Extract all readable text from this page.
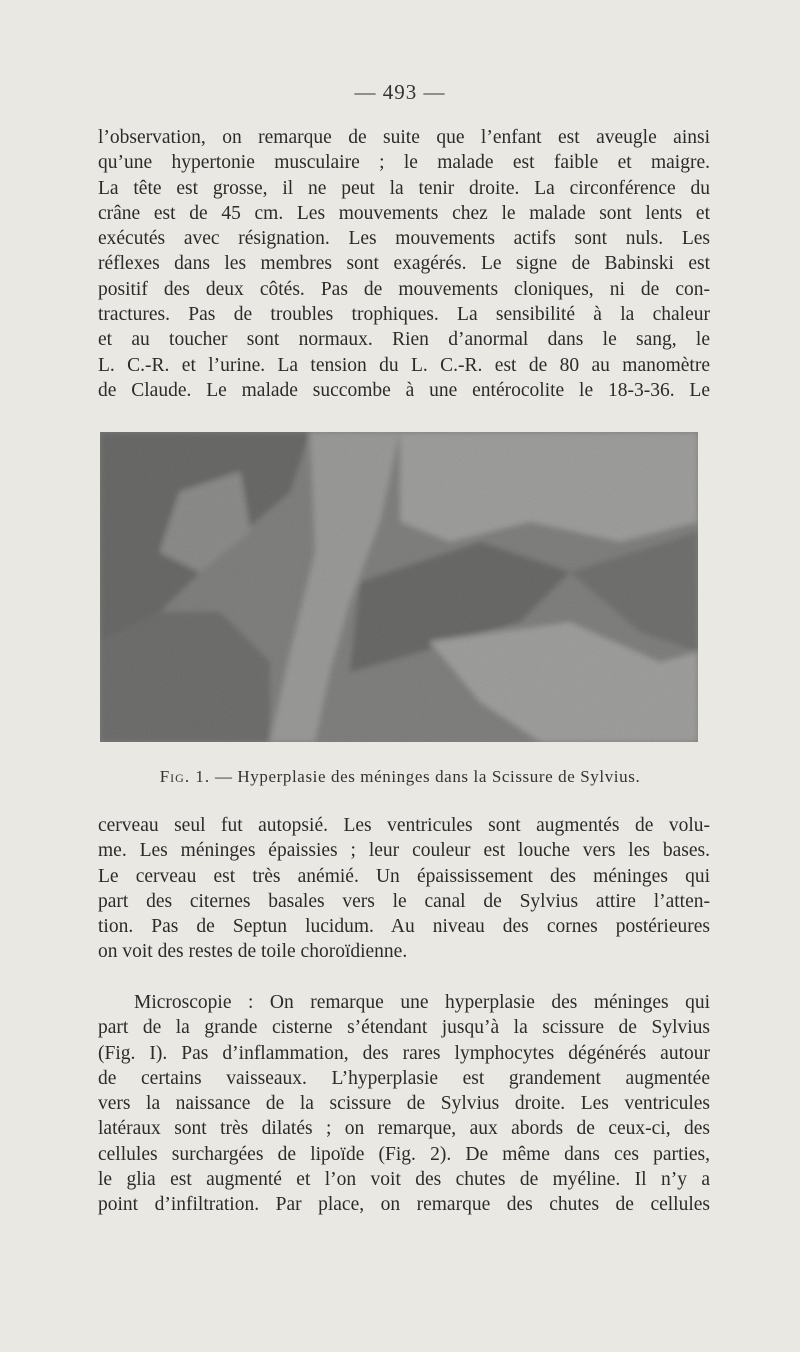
— 493 —
l’observation, on remarque de suite que l’enfant est aveugle ainsi
qu’une hypertonie musculaire ; le malade est faible et maigre.
La tête est grosse, il ne peut la tenir droite. La circonférence du
crâne est de 45 cm. Les mouvements chez le malade sont lents et
exécutés avec résignation. Les mouvements actifs sont nuls. Les
réflexes dans les membres sont exagérés. Le signe de Babinski est
positif des deux côtés. Pas de mouvements cloniques, ni de con-
tractures. Pas de troubles trophiques. La sensibilité à la chaleur
et au toucher sont normaux. Rien d’anormal dans le sang, le
L. C.-R. et l’urine. La tension du L. C.-R. est de 80 au manomètre
de Claude. Le malade succombe à une entérocolite le 18-3-36. Le
Fig. 1. — Hyperplasie des méninges dans la Scissure de Sylvius.
cerveau seul fut autopsié. Les ventricules sont augmentés de volu-
me. Les méninges épaissies ; leur couleur est louche vers les bases.
Le cerveau est très anémié. Un épaississement des méninges qui
part des citernes basales vers le canal de Sylvius attire l’atten-
tion. Pas de Septun lucidum. Au niveau des cornes postérieures
on voit des restes de toile choroïdienne.
Microscopie : On remarque une hyperplasie des méninges qui
part de la grande cisterne s’étendant jusqu’à la scissure de Sylvius
(Fig. I). Pas d’inflammation, des rares lymphocytes dégénérés autour
de certains vaisseaux. L’hyperplasie est grandement augmentée
vers la naissance de la scissure de Sylvius droite. Les ventricules
latéraux sont très dilatés ; on remarque, aux abords de ceux-ci, des
cellules surchargées de lipoïde (Fig. 2). De même dans ces parties,
le glia est augmenté et l’on voit des chutes de myéline. Il n’y a
point d’infiltration. Par place, on remarque des chutes de cellules
